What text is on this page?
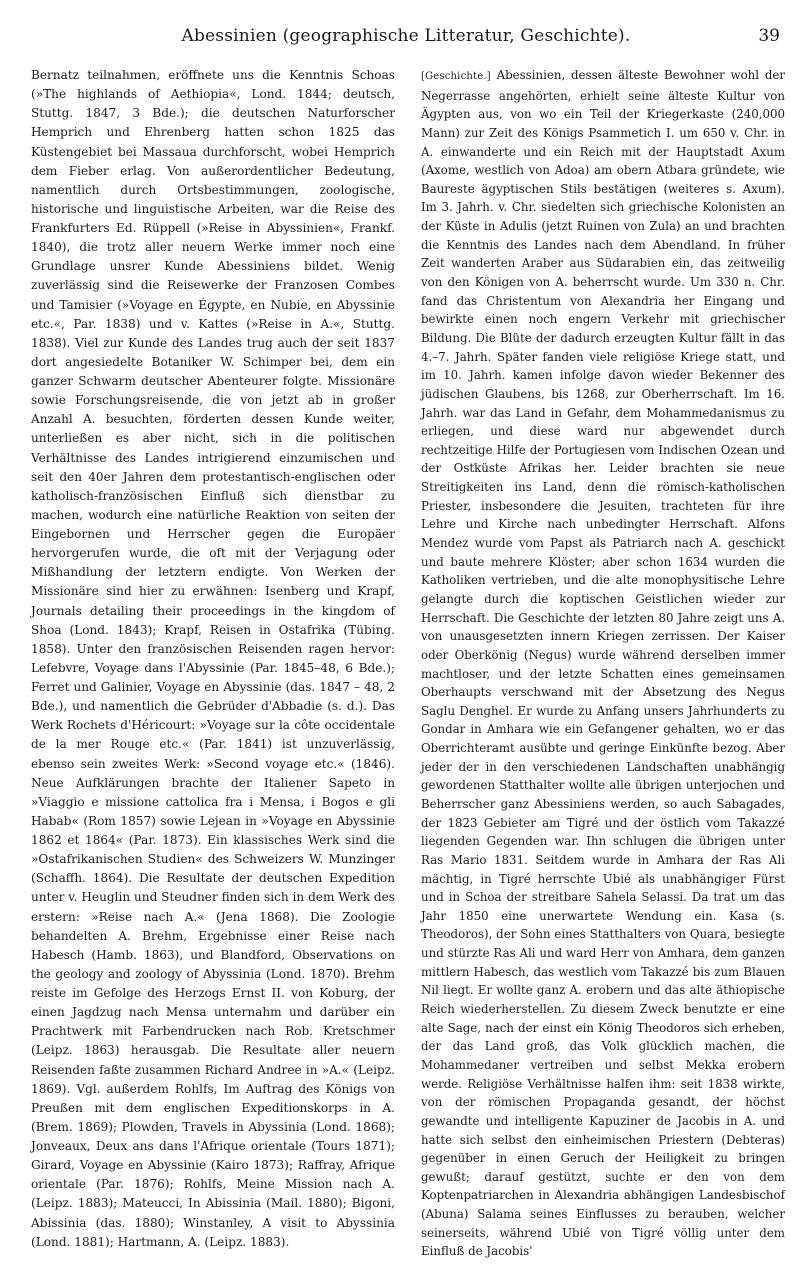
Abessinien (geographische Litteratur, Geschichte).	39

Bernatz teilnahmen, eröffnete uns die Kenntnis Schoas (»The highlands of Aethiopia«, Lond. 1844; deutsch, Stuttg. 1847, 3 Bde.); die deutschen Naturforscher Hemprich und Ehrenberg hatten schon 1825 das Küstengebiet bei Massaua durchforscht, wobei Hemprich dem Fieber erlag. Von außerordentlicher Bedeutung, namentlich durch Ortsbestimmungen, zoologische, historische und linguistische Arbeiten, war die Reise des Frankfurters Ed. Rüppell (»Reise in Abyssinien«, Frankf. 1840), die trotz aller neuern Werke immer noch eine Grundlage unsrer Kunde Abessiniens bildet. Wenig zuverlässig sind die Reisewerke der Franzosen Combes und Tamisier (»Voyage en Égypte, en Nubie, en Abyssinie etc.«, Par. 1838) und v. Kattes (»Reise in A.«, Stuttg. 1838). Viel zur Kunde des Landes trug auch der seit 1837 dort angesiedelte Botaniker W. Schimper bei, dem ein ganzer Schwarm deutscher Abenteurer folgte. Missionäre sowie Forschungsreisende, die von jetzt ab in großer Anzahl A. besuchten, förderten dessen Kunde weiter, unterließen es aber nicht, sich in die politischen Verhältnisse des Landes intrigierend einzumischen und seit den 40er Jahren dem protestantisch-englischen oder katholisch-französischen Einfluß sich dienstbar zu machen, wodurch eine natürliche Reaktion von seiten der Eingebornen und Herrscher gegen die Europäer hervorgerufen wurde, die oft mit der Verjagung oder Mißhandlung der letztern endigte. Von Werken der Missionäre sind hier zu erwähnen: Isenberg und Krapf, Journals detailing their proceedings in the kingdom of Shoa (Lond. 1843); Krapf, Reisen in Ostafrika (Tübing. 1858). Unter den französischen Reisenden ragen hervor: Lefebvre, Voyage dans l'Abyssinie (Par. 1845–48, 6 Bde.); Ferret und Galinier, Voyage en Abyssinie (das. 1847 – 48, 2 Bde.), und namentlich die Gebrüder d'Abbadie (s. d.). Das Werk Rochets d'Héricourt: »Voyage sur la côte occidentale de la mer Rouge etc.« (Par. 1841) ist unzuverlässig, ebenso sein zweites Werk: »Second voyage etc.« (1846). Neue Aufklärungen brachte der Italiener Sapeto in »Viaggio e missione cattolica fra i Mensa, i Bogos e gli Habab« (Rom 1857) sowie Lejean in »Voyage en Abyssinie 1862 et 1864« (Par. 1873). Ein klassisches Werk sind die »Ostafrikanischen Studien« des Schweizers W. Munzinger (Schaffh. 1864). Die Resultate der deutschen Expedition unter v. Heuglin und Steudner finden sich in dem Werk des erstern: »Reise nach A.« (Jena 1868). Die Zoologie behandelten A. Brehm, Ergebnisse einer Reise nach Habesch (Hamb. 1863), und Blandford, Observations on the geology and zoology of Abyssinia (Lond. 1870). Brehm reiste im Gefolge des Herzogs Ernst II. von Koburg, der einen Jagdzug nach Mensa unternahm und darüber ein Prachtwerk mit Farbendrucken nach Rob. Kretschmer (Leipz. 1863) herausgab. Die Resultate aller neuern Reisenden faßte zusammen Richard Andree in »A.« (Leipz. 1869). Vgl. außerdem Rohlfs, Im Auftrag des Königs von Preußen mit dem englischen Expeditionskorps in A. (Brem. 1869); Plowden, Travels in Abyssinia (Lond. 1868); Jonveaux, Deux ans dans l'Afrique orientale (Tours 1871); Girard, Voyage en Abyssinie (Kairo 1873); Raffray, Afrique orientale (Par. 1876); Rohlfs, Meine Mission nach A. (Leipz. 1883); Mateucci, In Abissinia (Mail. 1880); Bigoni, Abissinia (das. 1880); Winstanley, A visit to Abyssinia (Lond. 1881); Hartmann, A. (Leipz. 1883).

[Geschichte.] Abessinien, dessen älteste Bewohner wohl der Negerrasse angehörten, erhielt seine älteste Kultur von Ägypten aus, von wo ein Teil der Kriegerkaste (240,000 Mann) zur Zeit des Königs Psammetich I. um 650 v. Chr. in A. einwanderte und ein Reich mit der Hauptstadt Axum (Axome, westlich von Adoa) am obern Atbara gründete, wie Baureste ägyptischen Stils bestätigen (weiteres s. Axum). Im 3. Jahrh. v. Chr. siedelten sich griechische Kolonisten an der Küste in Adulis (jetzt Ruinen von Zula) an und brachten die Kenntnis des Landes nach dem Abendland. In früher Zeit wanderten Araber aus Südarabien ein, das zeitweilig von den Königen von A. beherrscht wurde. Um 330 n. Chr. fand das Christentum von Alexandria her Eingang und bewirkte einen noch engern Verkehr mit griechischer Bildung. Die Blüte der dadurch erzeugten Kultur fällt in das 4.–7. Jahrh. Später fanden viele religiöse Kriege statt, und im 10. Jahrh. kamen infolge davon wieder Bekenner des jüdischen Glaubens, bis 1268, zur Oberherrschaft. Im 16. Jahrh. war das Land in Gefahr, dem Mohammedanismus zu erliegen, und diese ward nur abgewendet durch rechtzeitige Hilfe der Portugiesen vom Indischen Ozean und der Ostküste Afrikas her. Leider brachten sie neue Streitigkeiten ins Land, denn die römisch-katholischen Priester, insbesondere die Jesuiten, trachteten für ihre Lehre und Kirche nach unbedingter Herrschaft. Alfons Mendez wurde vom Papst als Patriarch nach A. geschickt und baute mehrere Klöster; aber schon 1634 wurden die Katholiken vertrieben, und die alte monophysitische Lehre gelangte durch die koptischen Geistlichen wieder zur Herrschaft. Die Geschichte der letzten 80 Jahre zeigt uns A. von unausgesetzten innern Kriegen zerrissen. Der Kaiser oder Oberkönig (Negus) wurde während derselben immer machtloser, und der letzte Schatten eines gemeinsamen Oberhaupts verschwand mit der Absetzung des Negus Saglu Denghel. Er wurde zu Anfang unsers Jahrhunderts zu Gondar in Amhara wie ein Gefangener gehalten, wo er das Oberrichteramt ausübte und geringe Einkünfte bezog. Aber jeder der in den verschiedenen Landschaften unabhängig gewordenen Statthalter wollte alle übrigen unterjochen und Beherrscher ganz Abessiniens werden, so auch Sabagades, der 1823 Gebieter am Tigré und der östlich vom Takazzé liegenden Gegenden war. Ihn schlugen die übrigen unter Ras Mario 1831. Seitdem wurde in Amhara der Ras Ali mächtig, in Tigré herrschte Ubié als unabhängiger Fürst und in Schoa der streitbare Sahela Selassi. Da trat um das Jahr 1850 eine unerwartete Wendung ein. Kasa (s. Theodoros), der Sohn eines Statthalters von Quara, besiegte und stürzte Ras Ali und ward Herr von Amhara, dem ganzen mittlern Habesch, das westlich vom Takazzé bis zum Blauen Nil liegt. Er wollte ganz A. erobern und das alte äthiopische Reich wiederherstellen. Zu diesem Zweck benutzte er eine alte Sage, nach der einst ein König Theodoros sich erheben, der das Land groß, das Volk glücklich machen, die Mohammedaner vertreiben und selbst Mekka erobern werde. Religiöse Verhältnisse halfen ihm: seit 1838 wirkte, von der römischen Propaganda gesandt, der höchst gewandte und intelligente Kapuziner de Jacobis in A. und hatte sich selbst den einheimischen Priestern (Debteras) gegenüber in einen Geruch der Heiligkeit zu bringen gewußt; darauf gestützt, suchte er den von dem Koptenpatriarchen in Alexandria abhängigen Landesbischof (Abuna) Salama seines Einflusses zu berauben, welcher seinerseits, während Ubié von Tigré völlig unter dem Einfluß de Jacobis'
